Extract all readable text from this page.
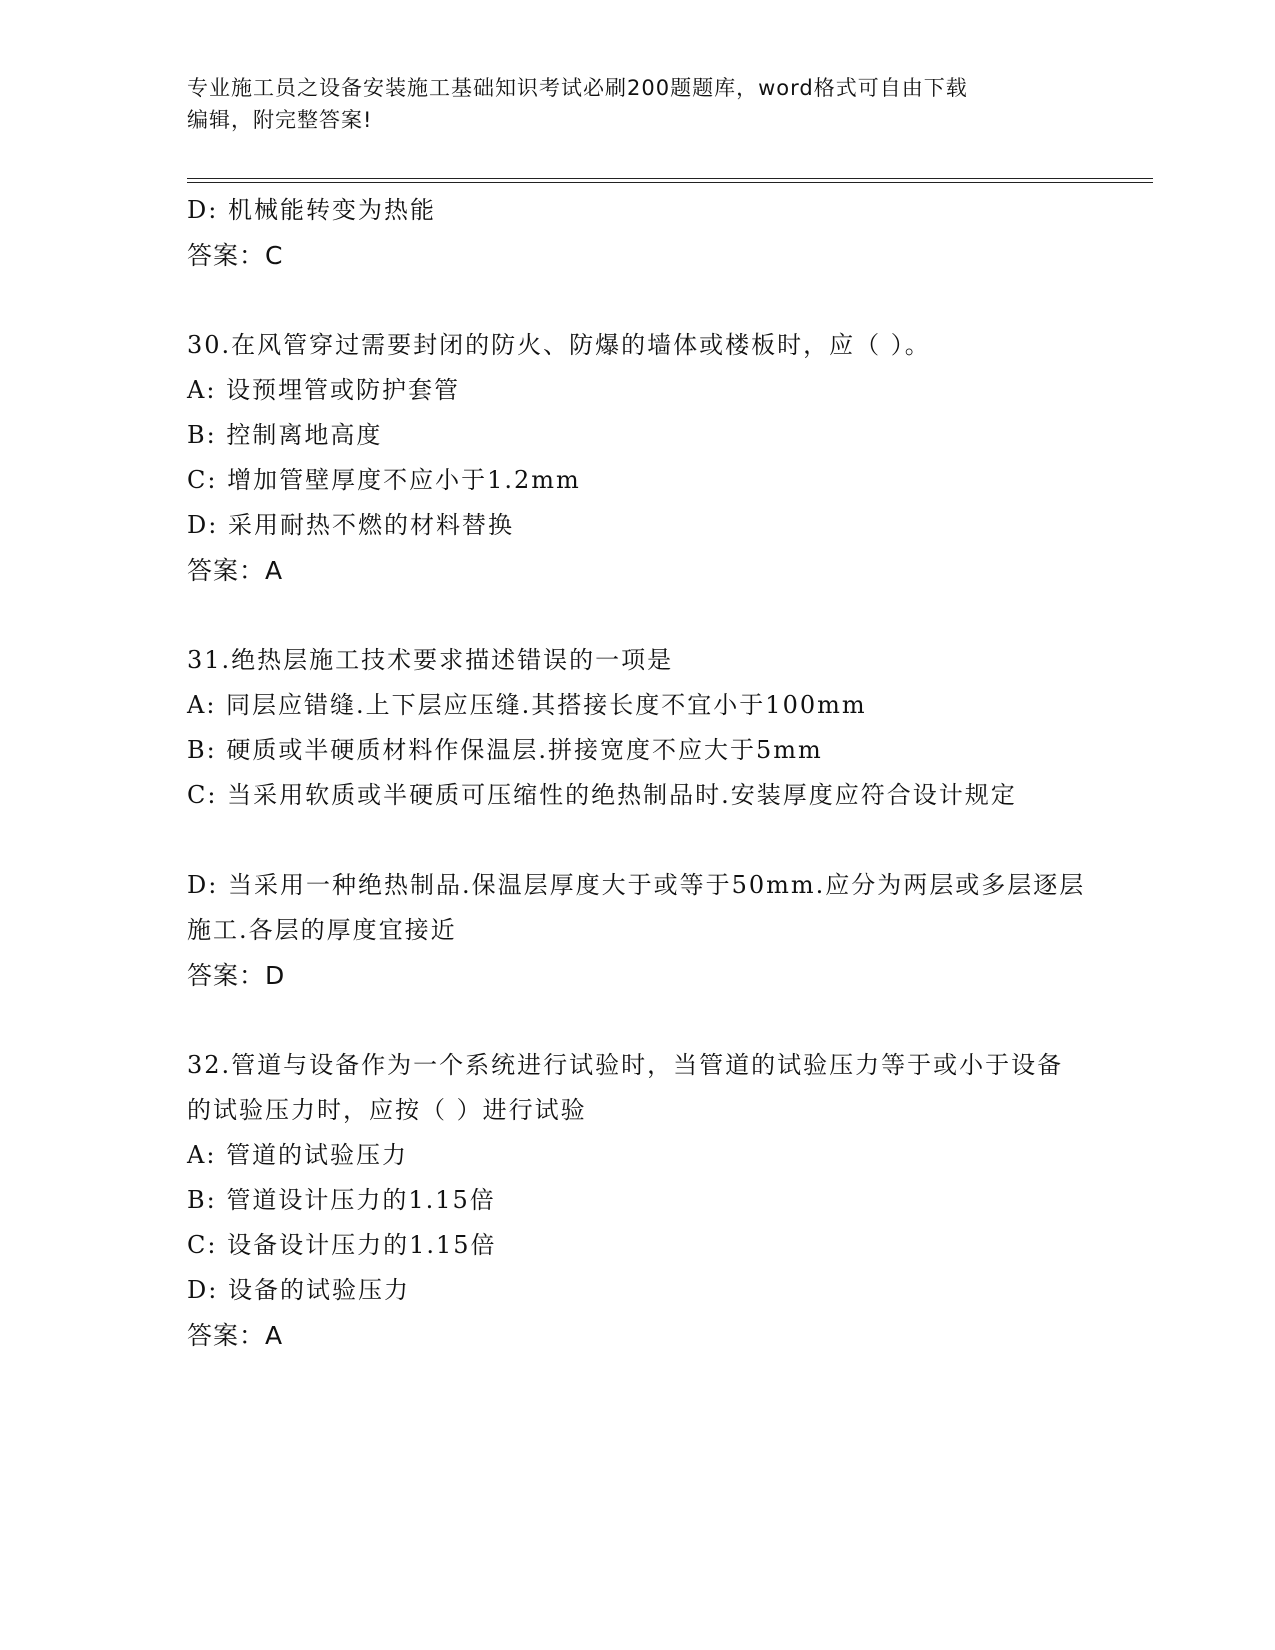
专业施工员之设备安装施工基础知识考试必刷200题题库，word格式可自由下载
编辑，附完整答案!
D: 机械能转变为热能
答案：C
30.在风管穿过需要封闭的防火、防爆的墙体或楼板时，应（ ）。
A: 设预埋管或防护套管
B: 控制离地高度
C: 增加管壁厚度不应小于1.2mm
D: 采用耐热不燃的材料替换
答案：A
31.绝热层施工技术要求描述错误的一项是
A: 同层应错缝.上下层应压缝.其搭接长度不宜小于100mm
B: 硬质或半硬质材料作保温层.拼接宽度不应大于5mm
C: 当采用软质或半硬质可压缩性的绝热制品时.安装厚度应符合设计规定
D: 当采用一种绝热制品.保温层厚度大于或等于50mm.应分为两层或多层逐层施工.各层的厚度宜接近
答案：D
32.管道与设备作为一个系统进行试验时，当管道的试验压力等于或小于设备的试验压力时，应按（ ）进行试验
A: 管道的试验压力
B: 管道设计压力的1.15倍
C: 设备设计压力的1.15倍
D: 设备的试验压力
答案：A
